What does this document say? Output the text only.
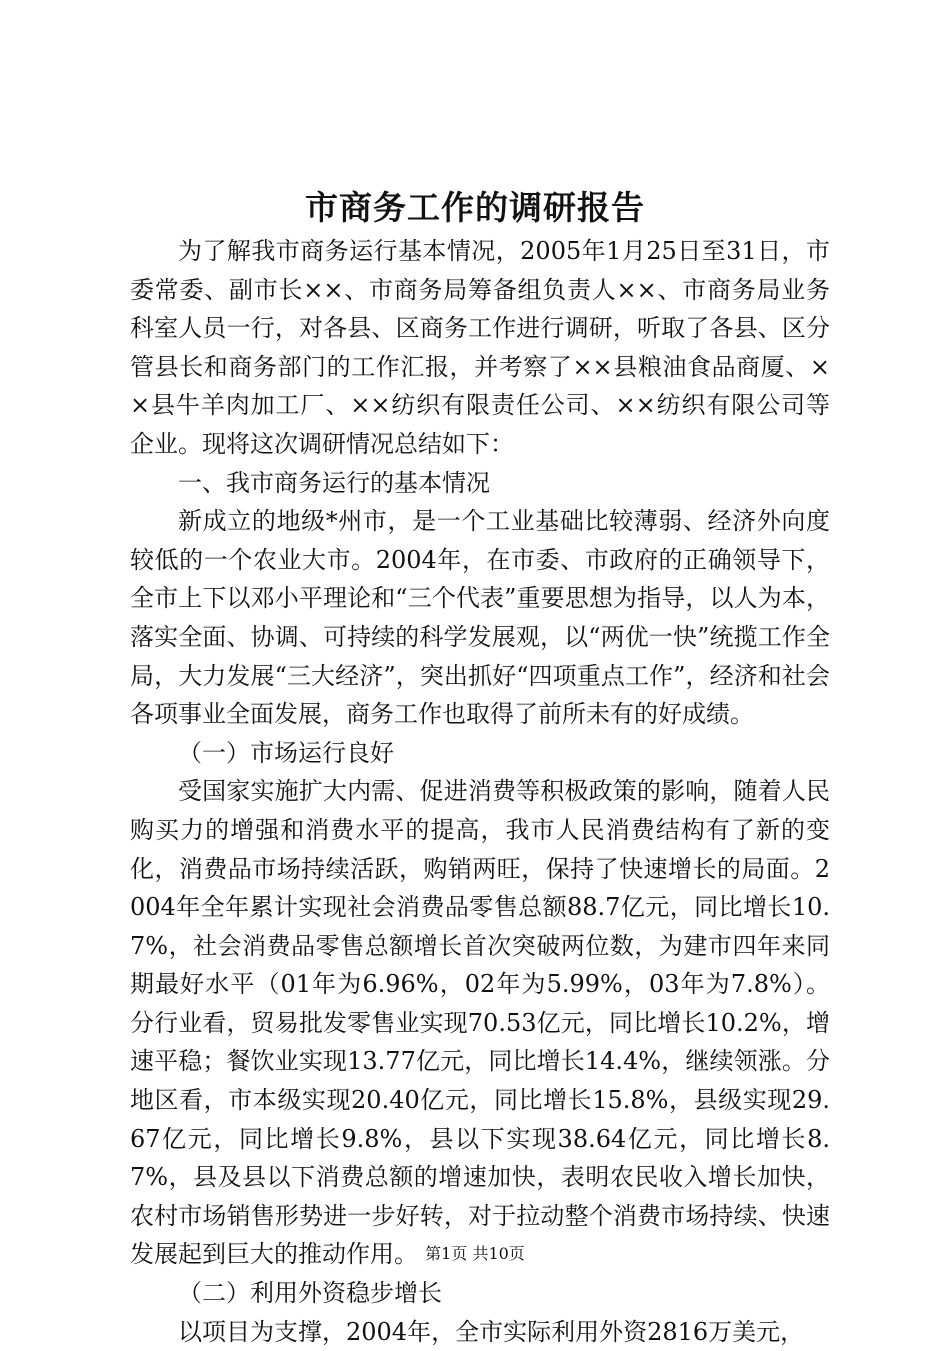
市商务工作的调研报告

为了解我市商务运行基本情况，2005年1月25日至31日，市委常委、副市长××、市商务局筹备组负责人××、市商务局业务科室人员一行，对各县、区商务工作进行调研，听取了各县、区分管县长和商务部门的工作汇报，并考察了××县粮油食品商厦、××县牛羊肉加工厂、××纺织有限责任公司、××纺织有限公司等企业。现将这次调研情况总结如下：

一、我市商务运行的基本情况

新成立的地级*州市，是一个工业基础比较薄弱、经济外向度较低的一个农业大市。2004年，在市委、市政府的正确领导下，全市上下以邓小平理论和“三个代表”重要思想为指导，以人为本，落实全面、协调、可持续的科学发展观，以“两优一快”统揽工作全局，大力发展“三大经济”，突出抓好“四项重点工作”，经济和社会各项事业全面发展，商务工作也取得了前所未有的好成绩。

（一）市场运行良好

受国家实施扩大内需、促进消费等积极政策的影响，随着人民购买力的增强和消费水平的提高，我市人民消费结构有了新的变化，消费品市场持续活跃，购销两旺，保持了快速增长的局面。2004年全年累计实现社会消费品零售总额88.7亿元，同比增长10.7%，社会消费品零售总额增长首次突破两位数，为建市四年来同期最好水平（01年为6.96%，02年为5.99%，03年为7.8%）。分行业看，贸易批发零售业实现70.53亿元，同比增长10.2%，增速平稳；餐饮业实现13.77亿元，同比增长14.4%，继续领涨。分地区看，市本级实现20.40亿元，同比增长15.8%，县级实现29.67亿元，同比增长9.8%，县以下实现38.64亿元，同比增长8.7%，县及县以下消费总额的增速加快，表明农民收入增长加快，农村市场销售形势进一步好转，对于拉动整个消费市场持续、快速发展起到巨大的推动作用。

（二）利用外资稳步增长

以项目为支撑，2004年，全市实际利用外资2816万美元，

第1页 共10页
